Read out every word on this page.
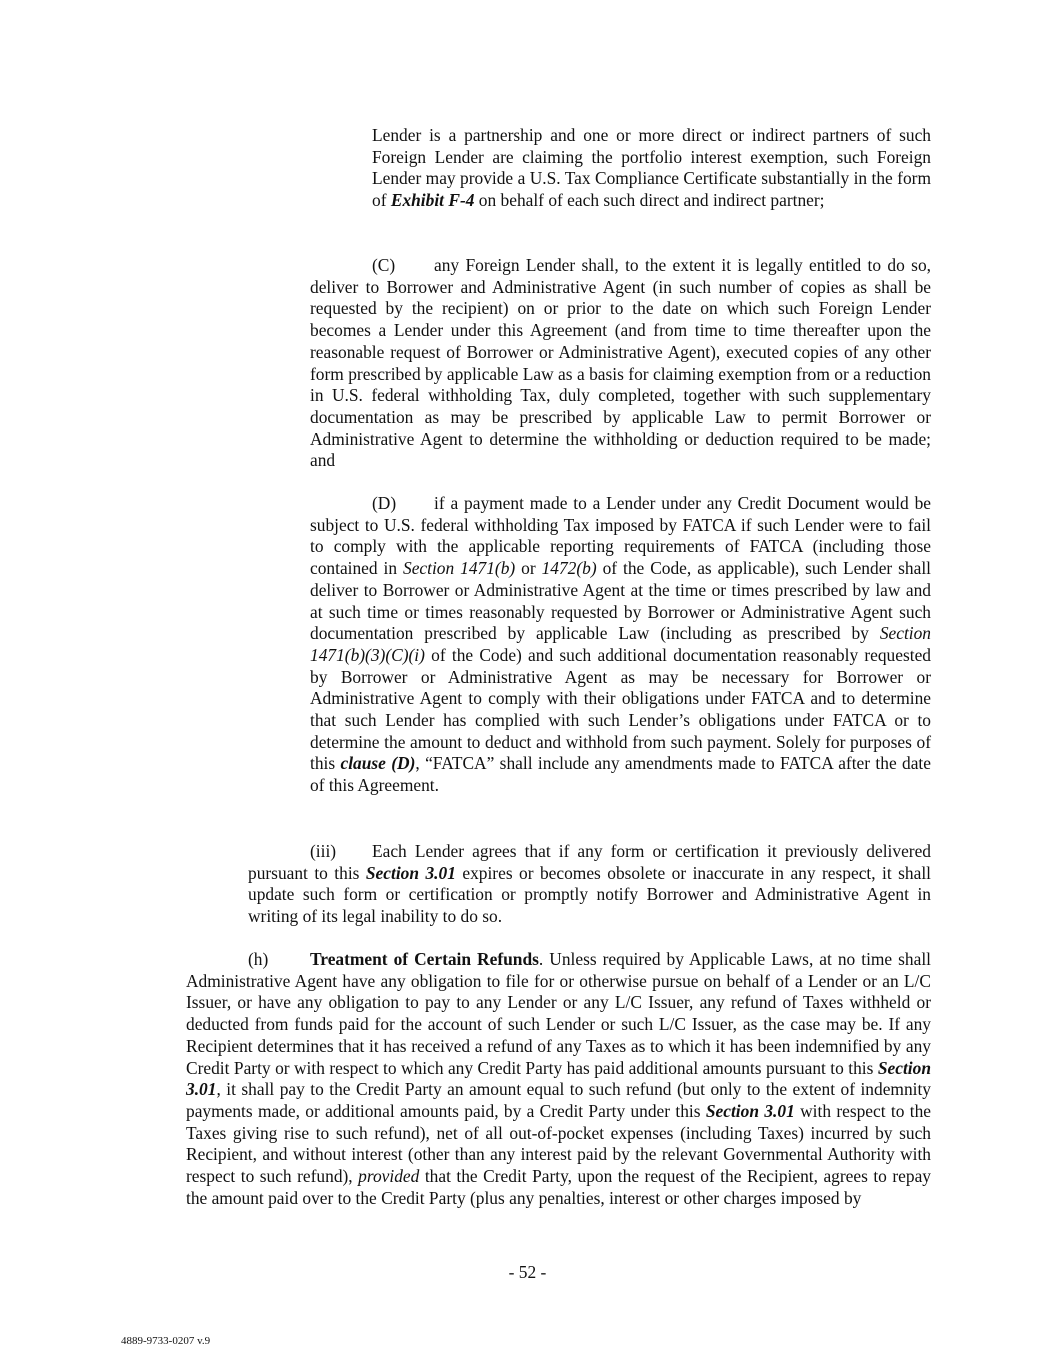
Lender is a partnership and one or more direct or indirect partners of such Foreign Lender are claiming the portfolio interest exemption, such Foreign Lender may provide a U.S. Tax Compliance Certificate substantially in the form of Exhibit F-4 on behalf of each such direct and indirect partner;

(C) any Foreign Lender shall, to the extent it is legally entitled to do so, deliver to Borrower and Administrative Agent (in such number of copies as shall be requested by the recipient) on or prior to the date on which such Foreign Lender becomes a Lender under this Agreement (and from time to time thereafter upon the reasonable request of Borrower or Administrative Agent), executed copies of any other form prescribed by applicable Law as a basis for claiming exemption from or a reduction in U.S. federal withholding Tax, duly completed, together with such supplementary documentation as may be prescribed by applicable Law to permit Borrower or Administrative Agent to determine the withholding or deduction required to be made; and

(D) if a payment made to a Lender under any Credit Document would be subject to U.S. federal withholding Tax imposed by FATCA if such Lender were to fail to comply with the applicable reporting requirements of FATCA (including those contained in Section 1471(b) or 1472(b) of the Code, as applicable), such Lender shall deliver to Borrower or Administrative Agent at the time or times prescribed by law and at such time or times reasonably requested by Borrower or Administrative Agent such documentation prescribed by applicable Law (including as prescribed by Section 1471(b)(3)(C)(i) of the Code) and such additional documentation reasonably requested by Borrower or Administrative Agent as may be necessary for Borrower or Administrative Agent to comply with their obligations under FATCA and to determine that such Lender has complied with such Lender’s obligations under FATCA or to determine the amount to deduct and withhold from such payment. Solely for purposes of this clause (D), “FATCA” shall include any amendments made to FATCA after the date of this Agreement.

(iii) Each Lender agrees that if any form or certification it previously delivered pursuant to this Section 3.01 expires or becomes obsolete or inaccurate in any respect, it shall update such form or certification or promptly notify Borrower and Administrative Agent in writing of its legal inability to do so.

(h) Treatment of Certain Refunds. Unless required by Applicable Laws, at no time shall Administrative Agent have any obligation to file for or otherwise pursue on behalf of a Lender or an L/C Issuer, or have any obligation to pay to any Lender or any L/C Issuer, any refund of Taxes withheld or deducted from funds paid for the account of such Lender or such L/C Issuer, as the case may be. If any Recipient determines that it has received a refund of any Taxes as to which it has been indemnified by any Credit Party or with respect to which any Credit Party has paid additional amounts pursuant to this Section 3.01, it shall pay to the Credit Party an amount equal to such refund (but only to the extent of indemnity payments made, or additional amounts paid, by a Credit Party under this Section 3.01 with respect to the Taxes giving rise to such refund), net of all out-of-pocket expenses (including Taxes) incurred by such Recipient, and without interest (other than any interest paid by the relevant Governmental Authority with respect to such refund), provided that the Credit Party, upon the request of the Recipient, agrees to repay the amount paid over to the Credit Party (plus any penalties, interest or other charges imposed by

- 52 -
4889-9733-0207 v.9
